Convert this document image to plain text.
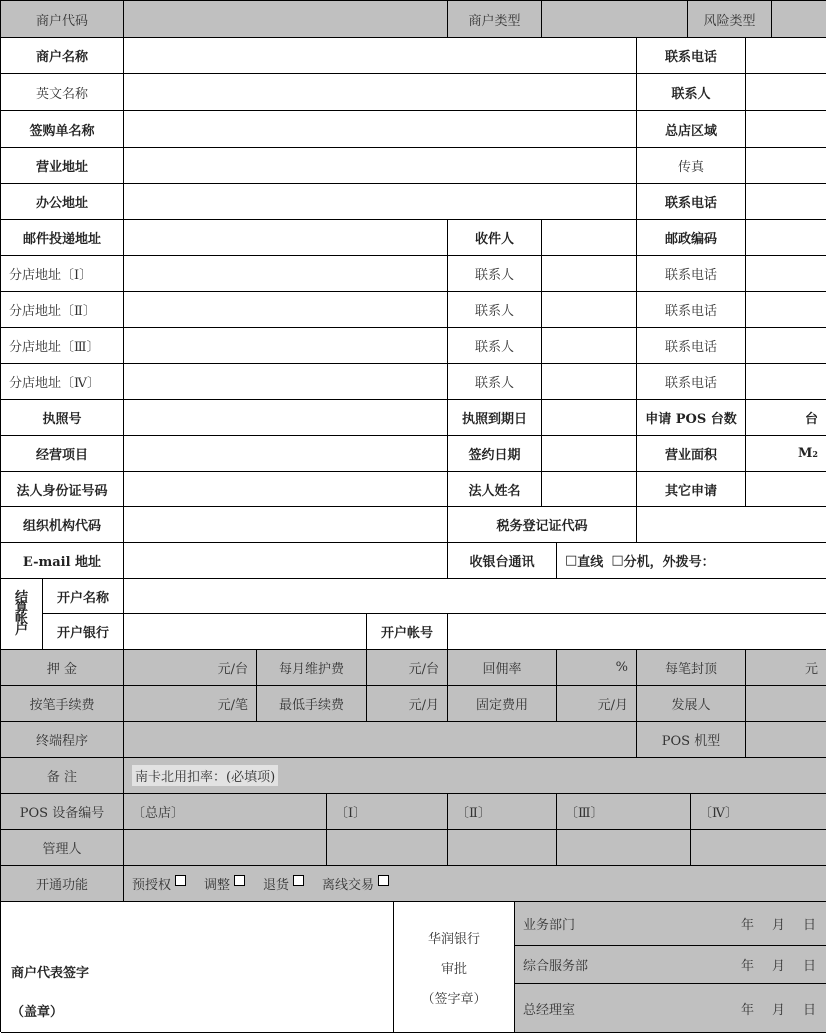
商户代码	商户类型	风险类型
商户名称	联系电话
英文名称	联系人
签购单名称	总店区域
营业地址	传真
办公地址	联系电话
邮件投递地址	收件人	邮政编码
分店地址〔Ⅰ〕	联系人	联系电话
分店地址〔Ⅱ〕	联系人	联系电话
分店地址〔Ⅲ〕	联系人	联系电话
分店地址〔Ⅳ〕	联系人	联系电话
执照号	执照到期日	申请 POS 台数	台
经营项目	签约日期	营业面积	M 2
法人身份证号码	法人姓名	其它申请
组织机构代码	税务登记证代码
E-mail 地址	收银台通讯	□ 直线 □ 分机，外拨号：
结
算
帐
户
开户名称
开户银行	开户帐号
押 金	元/台	每月维护费	元/台	回佣率	%	每笔封顶	元
按笔手续费	元/笔	最低手续费	元/月	固定费用	元/月	发展人
终端程序	POS 机型
备 注	南卡北用扣率：(必填项)
POS 设备编号	〔总店〕	〔Ⅰ〕	〔Ⅱ〕	〔Ⅲ〕	〔Ⅳ〕
管理人
开通功能	预授权	调整	退货	离线交易
商户代表签字
（盖章）
华润银行
审批
（签字章）
业务部门	年 月 日
综合服务部	年 月 日
总经理室	年 月 日
